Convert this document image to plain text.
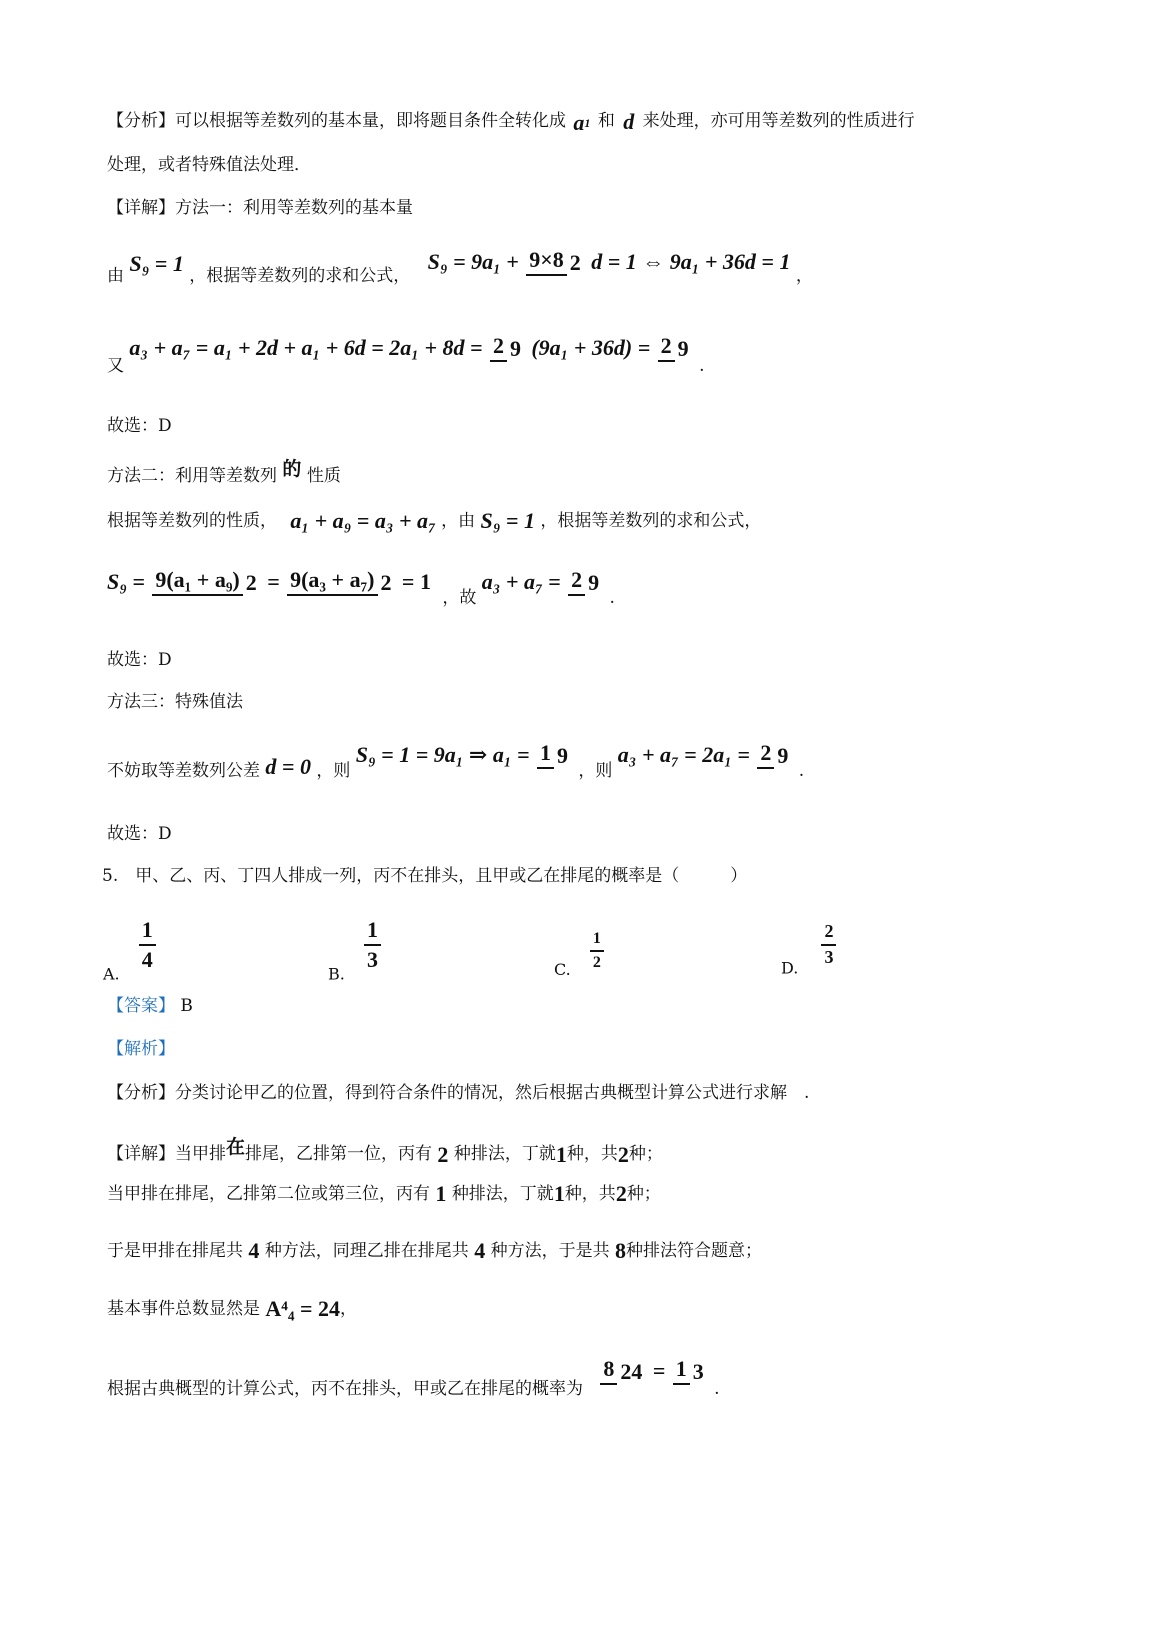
【分析】可以根据等差数列的基本量，即将题目条件全转化成 a1 和 d 来处理，亦可用等差数列的性质进行
处理，或者特殊值法处理．
【详解】方法一：利用等差数列的基本量
由 S₉ = 1 ，根据等差数列的求和公式， S₉ = 9a₁ + 9×8 2 d = 1 ⇔ 9a₁ + 36d = 1 ，
又 a₃ + a₇ = a₁ + 2d + a₁ + 6d = 2a₁ + 8d = 2 9 (9a₁ + 36d) = 2 9 .
故选：D
方法二：利用等差数列 的 性质
根据等差数列的性质， a₁ + a₉ = a₃ + a₇ ，由 S₉ = 1 ，根据等差数列的求和公式，
S₉ = 9(a₁ + a₉) 2 = 9(a₃ + a₇) 2 = 1 ，故 a₃ + a₇ = 2 9 .
故选：D
方法三：特殊值法
不妨取等差数列公差 d = 0 ，则 S₉ = 1 = 9a₁ ⇒ a₁ = 1 9 ，则 a₃ + a₇ = 2a₁ = 2 9 .
故选：D
5.　甲、乙、丙、丁四人排成一列，丙不在排头，且甲或乙在排尾的概率是（　　　）
A.
$\frac{1}{4}$
B.
$\frac{1}{3}$	C. $\frac{1}{2}$	D.
$\frac{2}{3}$
【答案】 B
【解析】
【分析】分类讨论甲乙的位置，得到符合条件的情况，然后根据古典概型计算公式进行求解　.
【详解】当甲排在排尾，乙排第一位，丙有 2 种排法，丁就1种，共2种；
当甲排在排尾，乙排第二位或第三位，丙有 1 种排法，丁就1种，共2种；
于是甲排在排尾共 4 种方法，同理乙排在排尾共 4 种方法，于是共 8种排法符合题意；
基本事件总数显然是 A⁴₄ = 24，
根据古典概型的计算公式，丙不在排头，甲或乙在排尾的概率为 8 24 = 1 3 .
